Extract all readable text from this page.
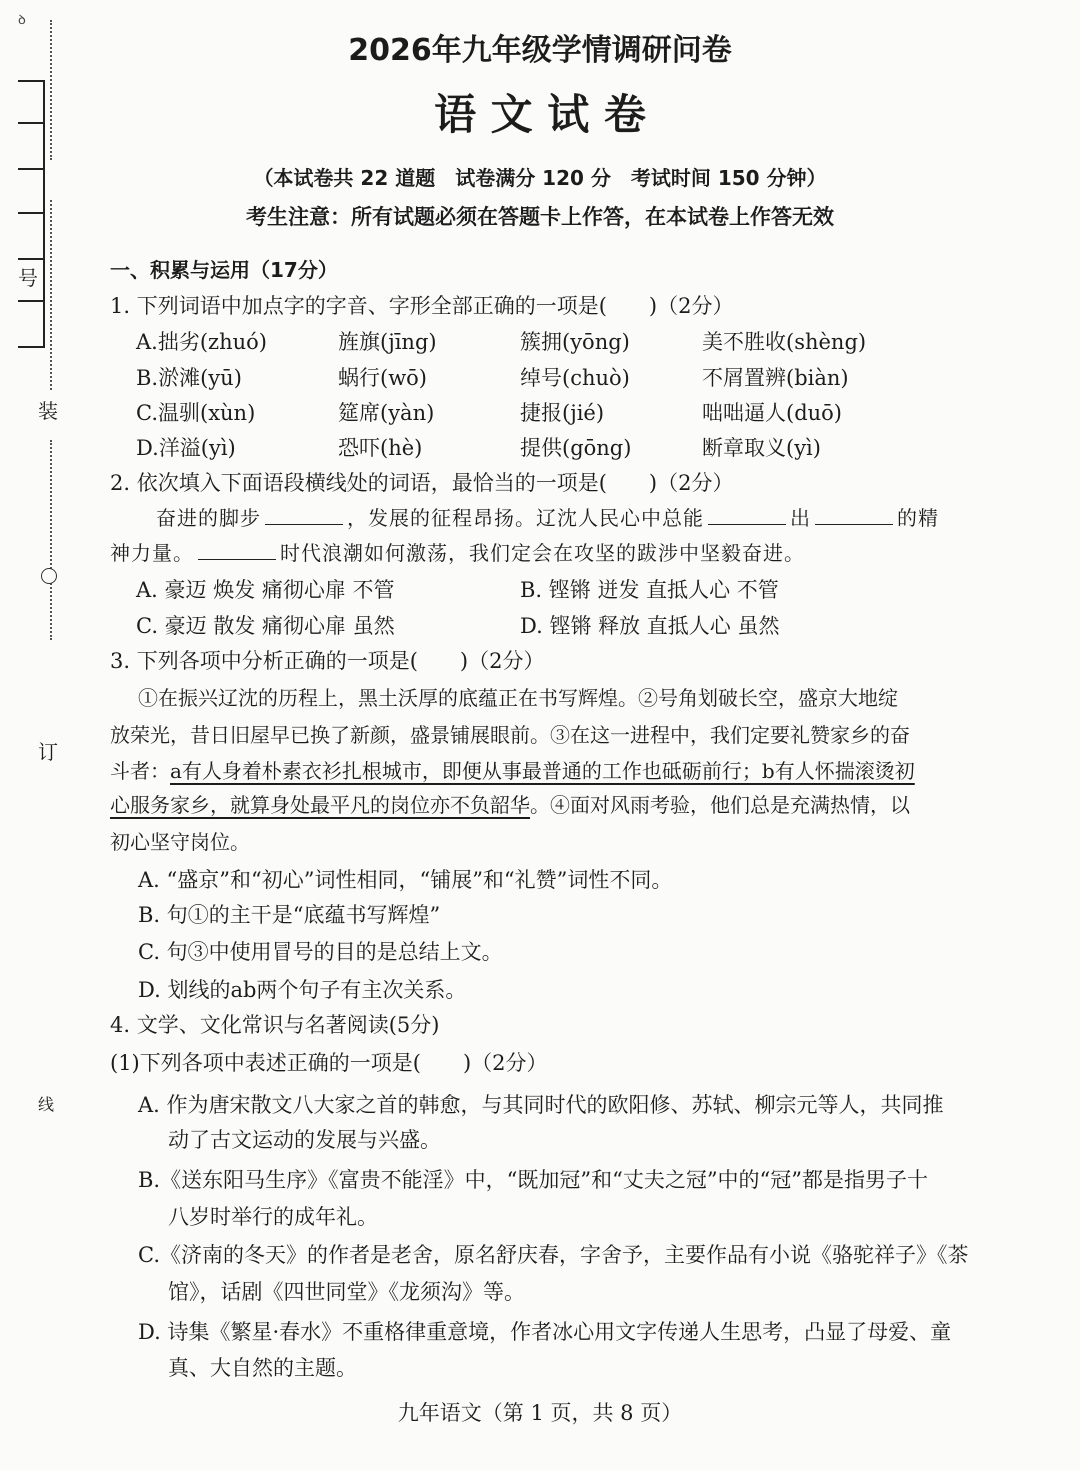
ꝺ
号
装
订
线
2026年九年级学情调研问卷
语 文 试 卷
（本试卷共 22 道题　试卷满分 120 分　考试时间 150 分钟）
考生注意：所有试题必须在答题卡上作答，在本试卷上作答无效
一、积累与运用（17分）
1. 下列词语中加点字的字音、字形全部正确的一项是(　　)（2分）
A.拙劣(zhuó)	旌旗(jīng)	簇拥(yōng)	美不胜收(shèng)
B.淤滩(yū)	蜗行(wō)	绰号(chuò)	不屑置辨(biàn)
C.温驯(xùn)	筵席(yàn)	捷报(jié)	咄咄逼人(duō)
D.洋溢(yì)	恐吓(hè)	提供(gōng)	断章取义(yì)
2. 依次填入下面语段横线处的词语，最恰当的一项是(　　)（2分）
奋进的脚步	，发展的征程昂扬。辽沈人民心中总能	出	的精
神力量。	时代浪潮如何激荡，我们定会在攻坚的跋涉中坚毅奋进。
A. 豪迈 焕发 痛彻心扉 不管	B. 铿锵 迸发 直抵人心 不管
C. 豪迈 散发 痛彻心扉 虽然	D. 铿锵 释放 直抵人心 虽然
3. 下列各项中分析正确的一项是(　　)（2分）
①在振兴辽沈的历程上，黑土沃厚的底蕴正在书写辉煌。②号角划破长空，盛京大地绽
放荣光，昔日旧屋早已换了新颜，盛景铺展眼前。③在这一进程中，我们定要礼赞家乡的奋
斗者：a有人身着朴素衣衫扎根城市，即便从事最普通的工作也砥砺前行；b有人怀揣滚烫初
心服务家乡，就算身处最平凡的岗位亦不负韶华。④面对风雨考验，他们总是充满热情，以
初心坚守岗位。
A. “盛京”和“初心”词性相同，“铺展”和“礼赞”词性不同。
B. 句①的主干是“底蕴书写辉煌”
C. 句③中使用冒号的目的是总结上文。
D. 划线的ab两个句子有主次关系。
4. 文学、文化常识与名著阅读(5分)
(1)下列各项中表述正确的一项是(　　)（2分）
A. 作为唐宋散文八大家之首的韩愈，与其同时代的欧阳修、苏轼、柳宗元等人，共同推
动了古文运动的发展与兴盛。
B.《送东阳马生序》《富贵不能淫》中，“既加冠”和“丈夫之冠”中的“冠”都是指男子十
八岁时举行的成年礼。
C.《济南的冬天》的作者是老舍，原名舒庆春，字舍予，主要作品有小说《骆驼祥子》《茶
馆》，话剧《四世同堂》《龙须沟》等。
D. 诗集《繁星·春水》不重格律重意境，作者冰心用文字传递人生思考，凸显了母爱、童
真、大自然的主题。
九年语文（第 1 页，共 8 页）
